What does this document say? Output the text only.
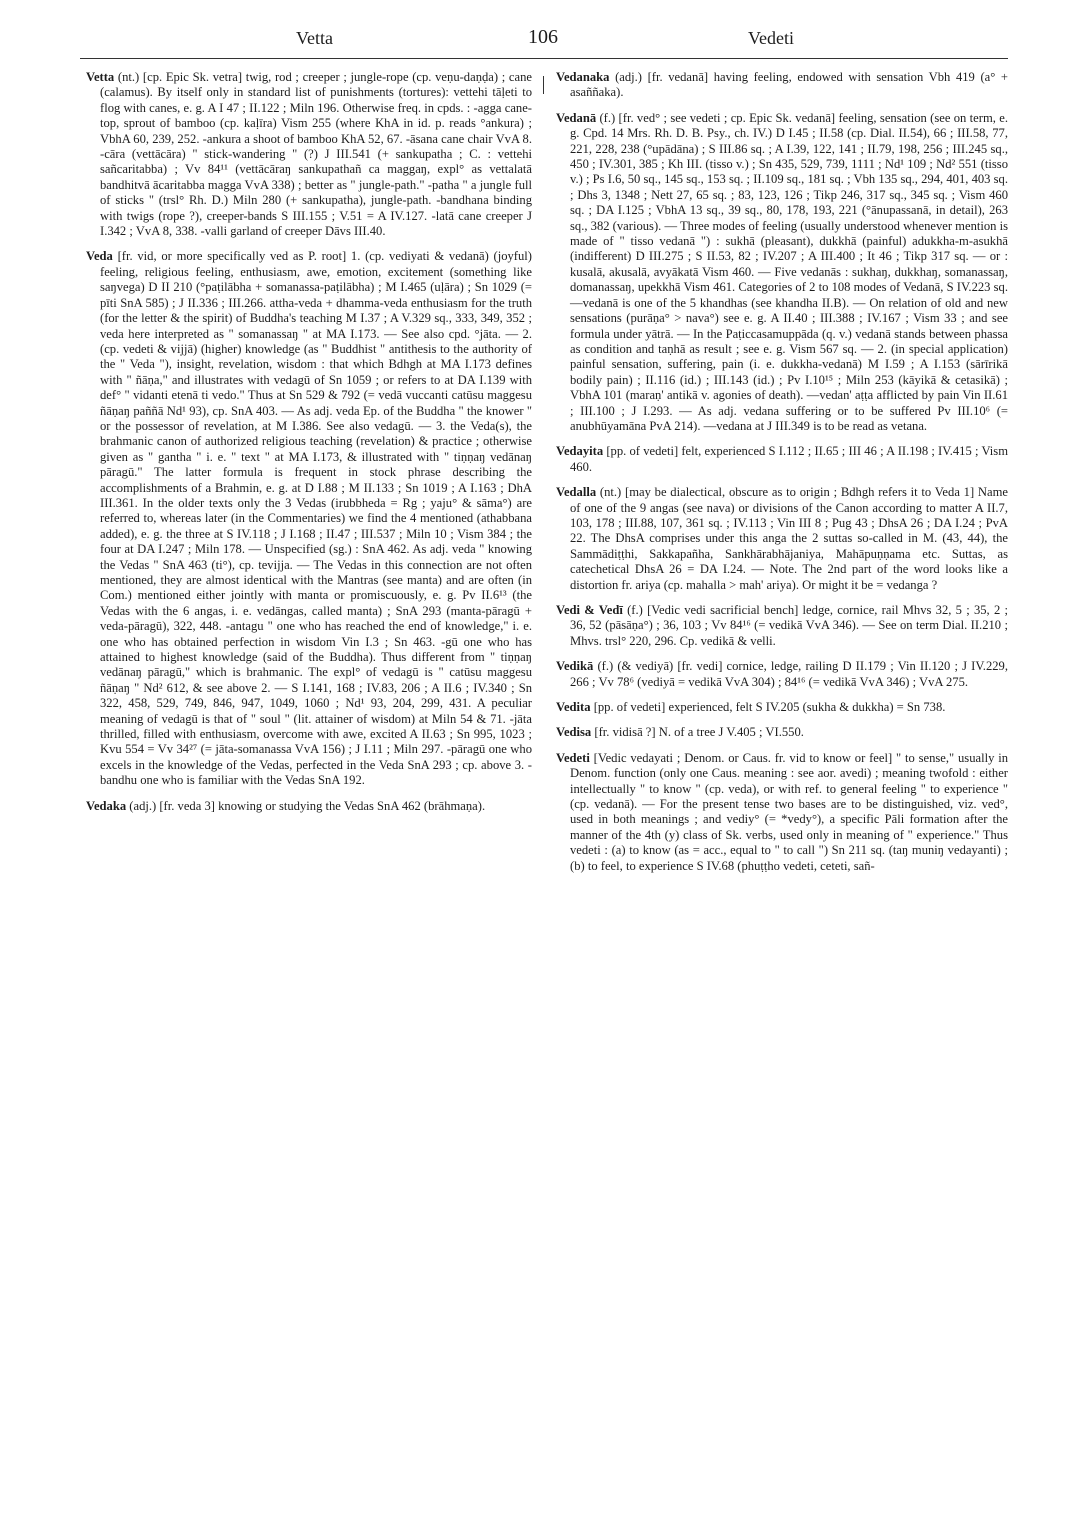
Vetta	106	Vedeti

Vetta (nt.) [cp. Epic Sk. vetra] twig, rod ; creeper ; jungle-rope (cp. veṇu-daṇḍa) ; cane (calamus). By itself only in standard list of punishments (tortures): vettehi tāḷeti to flog with canes, e. g. A I 47 ; II.122 ; Miln 196. Otherwise freq. in cpds. : -agga cane-top, sprout of bamboo (cp. kaḷīra) Vism 255 (where KhA in id. p. reads °ankura) ; VbhA 60, 239, 252. -ankura a shoot of bamboo KhA 52, 67. -āsana cane chair VvA 8. -cāra (vettācāra) " stick-wandering " (?) J III.541 (+ sankupatha ; C. : vettehi sañcaritabba) ; Vv 84¹¹ (vettācāraŋ sankupathañ ca maggaŋ, expl° as vettalatā bandhitvā ācaritabba magga VvA 338) ; better as " jungle-path." -patha " a jungle full of sticks " (trsl° Rh. D.) Miln 280 (+ sankupatha), jungle-path. -bandhana binding with twigs (rope ?), creeper-bands S III.155 ; V.51 = A IV.127. -latā cane creeper J I.342 ; VvA 8, 338. -valli garland of creeper Dāvs III.40.

Veda [fr. vid, or more specifically ved as P. root] 1. (cp. vediyati & vedanā) (joyful) feeling, religious feeling, enthusiasm, awe, emotion, excitement (something like saŋvega) D II 210 (°paṭilābha + somanassa-paṭilābha) ; M I.465 (uḷāra) ; Sn 1029 (= pīti SnA 585) ; J II.336 ; III.266. attha-veda + dhamma-veda enthusiasm for the truth (for the letter & the spirit) of Buddha's teaching M I.37 ; A V.329 sq., 333, 349, 352 ; veda here interpreted as " somanassaŋ " at MA I.173. — See also cpd. °jāta. — 2. (cp. vedeti & vijjā) (higher) knowledge (as " Buddhist " antithesis to the authority of the " Veda "), insight, revelation, wisdom : that which Bdhgh at MA I.173 defines with " ñāṇa," and illustrates with vedagū of Sn 1059 ; or refers to at DA I.139 with def° " vidanti etenā ti vedo." Thus at Sn 529 & 792 (= vedā vuccanti catūsu maggesu ñāṇaŋ paññā Nd¹ 93), cp. SnA 403. — As adj. veda Ep. of the Buddha " the knower " or the possessor of revelation, at M I.386. See also vedagū. — 3. the Veda(s), the brahmanic canon of authorized religious teaching (revelation) & practice ; otherwise given as " gantha " i. e. " text " at MA I.173, & illustrated with " tiṇṇaŋ vedānaŋ pāragū." The latter formula is frequent in stock phrase describing the accomplishments of a Brahmin, e. g. at D I.88 ; M II.133 ; Sn 1019 ; A I.163 ; DhA III.361. In the older texts only the 3 Vedas (irubbheda = Rg ; yaju° & sāma°) are referred to, whereas later (in the Commentaries) we find the 4 mentioned (athabbana added), e. g. the three at S IV.118 ; J I.168 ; II.47 ; III.537 ; Miln 10 ; Vism 384 ; the four at DA I.247 ; Miln 178. — Unspecified (sg.) : SnA 462. As adj. veda " knowing the Vedas " SnA 463 (ti°), cp. tevijja. — The Vedas in this connection are not often mentioned, they are almost identical with the Mantras (see manta) and are often (in Com.) mentioned either jointly with manta or promiscuously, e. g. Pv II.6¹³ (the Vedas with the 6 angas, i. e. vedāngas, called manta) ; SnA 293 (manta-pāragū + veda-pāragū), 322, 448. -antagu " one who has reached the end of knowledge," i. e. one who has obtained perfection in wisdom Vin I.3 ; Sn 463. -gū one who has attained to highest knowledge (said of the Buddha). Thus different from " tiṇṇaŋ vedānaŋ pāragū," which is brahmanic. The expl° of vedagū is " catūsu maggesu ñāṇaŋ " Nd² 612, & see above 2. — S I.141, 168 ; IV.83, 206 ; A II.6 ; IV.340 ; Sn 322, 458, 529, 749, 846, 947, 1049, 1060 ; Nd¹ 93, 204, 299, 431. A peculiar meaning of vedagū is that of " soul " (lit. attainer of wisdom) at Miln 54 & 71. -jāta thrilled, filled with enthusiasm, overcome with awe, excited A II.63 ; Sn 995, 1023 ; Kvu 554 = Vv 34²⁷ (= jāta-somanassa VvA 156) ; J I.11 ; Miln 297. -pāragū one who excels in the knowledge of the Vedas, perfected in the Veda SnA 293 ; cp. above 3. -bandhu one who is familiar with the Vedas SnA 192.

Vedaka (adj.) [fr. veda 3] knowing or studying the Vedas SnA 462 (brāhmaṇa).

Vedanaka (adj.) [fr. vedanā] having feeling, endowed with sensation Vbh 419 (a° + asaññaka).

Vedanā (f.) [fr. ved° ; see vedeti ; cp. Epic Sk. vedanā] feeling, sensation (see on term, e. g. Cpd. 14 Mrs. Rh. D. B. Psy., ch. IV.) D I.45 ; II.58 (cp. Dial. II.54), 66 ; III.58, 77, 221, 228, 238 (°upādāna) ; S III.86 sq. ; A I.39, 122, 141 ; II.79, 198, 256 ; III.245 sq., 450 ; IV.301, 385 ; Kh III. (tisso v.) ; Sn 435, 529, 739, 1111 ; Nd¹ 109 ; Nd² 551 (tisso v.) ; Ps I.6, 50 sq., 145 sq., 153 sq. ; II.109 sq., 181 sq. ; Vbh 135 sq., 294, 401, 403 sq. ; Dhs 3, 1348 ; Nett 27, 65 sq. ; 83, 123, 126 ; Tikp 246, 317 sq., 345 sq. ; Vism 460 sq. ; DA I.125 ; VbhA 13 sq., 39 sq., 80, 178, 193, 221 (°ānupassanā, in detail), 263 sq., 382 (various). — Three modes of feeling (usually understood whenever mention is made of " tisso vedanā ") : sukhā (pleasant), dukkhā (painful) adukkha-m-asukhā (indifferent) D III.275 ; S II.53, 82 ; IV.207 ; A III.400 ; It 46 ; Tikp 317 sq. — or : kusalā, akusalā, avyākatā Vism 460. — Five vedanās : sukhaŋ, dukkhaŋ, somanassaŋ, domanassaŋ, upekkhā Vism 461. Categories of 2 to 108 modes of Vedanā, S IV.223 sq. —vedanā is one of the 5 khandhas (see khandha II.B). — On relation of old and new sensations (purāṇa° > nava°) see e. g. A II.40 ; III.388 ; IV.167 ; Vism 33 ; and see formula under yātrā. — In the Paṭiccasamuppāda (q. v.) vedanā stands between phassa as condition and taṇhā as result ; see e. g. Vism 567 sq. — 2. (in special application) painful sensation, suffering, pain (i. e. dukkha-vedanā) M I.59 ; A I.153 (sārīrikā bodily pain) ; II.116 (id.) ; III.143 (id.) ; Pv I.10¹⁵ ; Miln 253 (kāyikā & cetasikā) ; VbhA 101 (maraṇ' antikā v. agonies of death). —vedan' aṭṭa afflicted by pain Vin II.61 ; III.100 ; J I.293. — As adj. vedana suffering or to be suffered Pv III.10⁶ (= anubhūyamāna PvA 214). —vedana at J III.349 is to be read as vetana.

Vedayita [pp. of vedeti] felt, experienced S I.112 ; II.65 ; III 46 ; A II.198 ; IV.415 ; Vism 460.

Vedalla (nt.) [may be dialectical, obscure as to origin ; Bdhgh refers it to Veda 1] Name of one of the 9 angas (see nava) or divisions of the Canon according to matter A II.7, 103, 178 ; III.88, 107, 361 sq. ; IV.113 ; Vin III 8 ; Pug 43 ; DhsA 26 ; DA I.24 ; PvA 22. The DhsA comprises under this anga the 2 suttas so-called in M. (43, 44), the Sammādiṭṭhi, Sakkapañha, Sankhārabhājaniya, Mahāpuṇṇama etc. Suttas, as catechetical DhsA 26 = DA I.24. — Note. The 2nd part of the word looks like a distortion fr. ariya (cp. mahalla > mah' ariya). Or might it be = vedanga ?

Vedi & Vedī (f.) [Vedic vedi sacrificial bench] ledge, cornice, rail Mhvs 32, 5 ; 35, 2 ; 36, 52 (pāsāṇa°) ; 36, 103 ; Vv 84¹⁶ (= vedikā VvA 346). — See on term Dial. II.210 ; Mhvs. trsl° 220, 296. Cp. vedikā & velli.

Vedikā (f.) (& vediyā) [fr. vedi] cornice, ledge, railing D II.179 ; Vin II.120 ; J IV.229, 266 ; Vv 78⁶ (vediyā = vedikā VvA 304) ; 84¹⁶ (= vedikā VvA 346) ; VvA 275.

Vedita [pp. of vedeti] experienced, felt S IV.205 (sukha & dukkha) = Sn 738.

Vedisa [fr. vidisā ?] N. of a tree J V.405 ; VI.550.

Vedeti [Vedic vedayati ; Denom. or Caus. fr. vid to know or feel] " to sense," usually in Denom. function (only one Caus. meaning : see aor. avedi) ; meaning twofold : either intellectually " to know " (cp. veda), or with ref. to general feeling " to experience " (cp. vedanā). — For the present tense two bases are to be distinguished, viz. ved°, used in both meanings ; and vediy° (= *vedy°), a specific Pāli formation after the manner of the 4th (y) class of Sk. verbs, used only in meaning of " experience." Thus vedeti : (a) to know (as = acc., equal to " to call ") Sn 211 sq. (taŋ muniŋ vedayanti) ; (b) to feel, to experience S IV.68 (phuṭṭho vedeti, ceteti, sañ-
